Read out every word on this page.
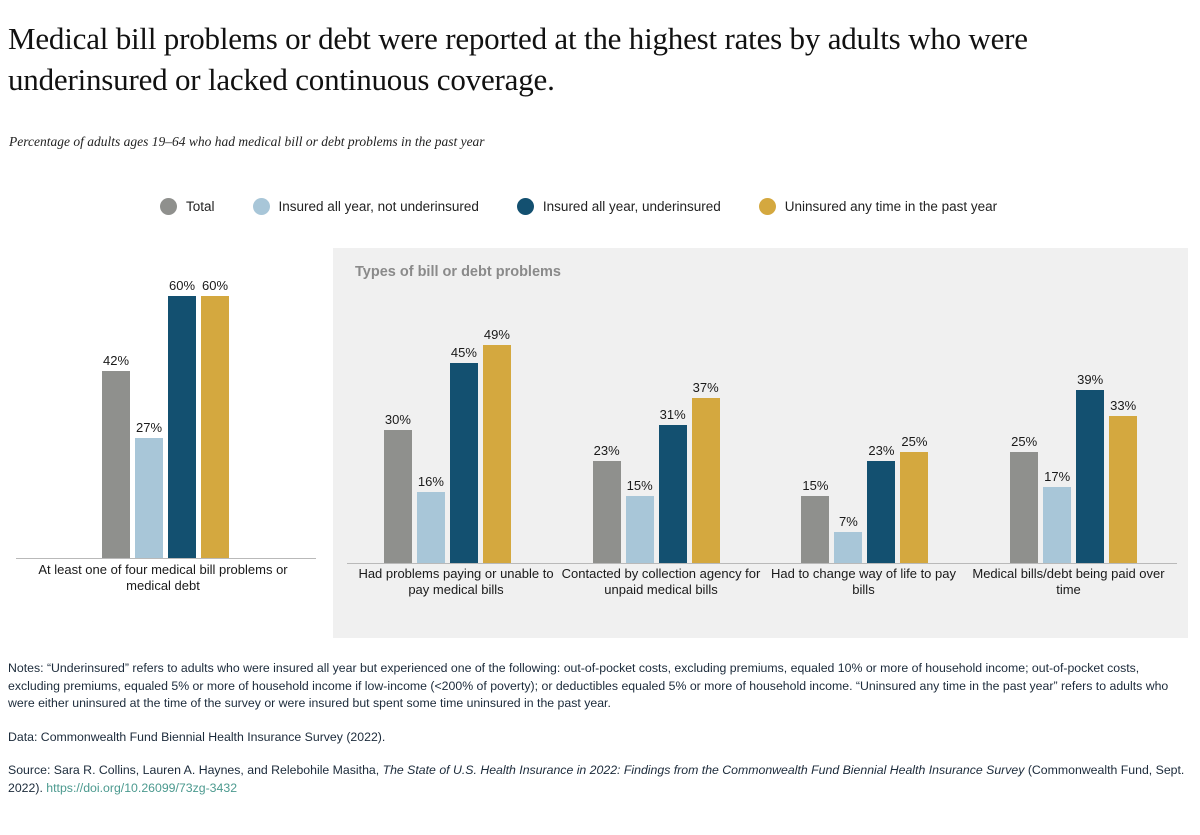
Medical bill problems or debt were reported at the highest rates by adults who were underinsured or lacked continuous coverage.
Percentage of adults ages 19–64 who had medical bill or debt problems in the past year
Total	Insured all year, not underinsured	Insured all year, underinsured	Uninsured any time in the past year
42%
27%
60% 60%
At least one of four medical bill problems or medical debt
Types of bill or debt problems
30%
16%
45%
49%
23%
15%
31%
37%
15%
7%
23%
25%	25%
17%
39%
33%
Had problems paying or unable to pay medical bills
Contacted by collection agency for unpaid medical bills
Had to change way of life to pay bills
Medical bills/debt being paid over time

Notes: “Underinsured” refers to adults who were insured all year but experienced one of the following: out-of-pocket costs, excluding premiums, equaled 10% or more of household income; out-of-pocket costs, excluding premiums, equaled 5% or more of household income if low-income (<200% of poverty); or deductibles equaled 5% or more of household income. “Uninsured any time in the past year” refers to adults who were either uninsured at the time of the survey or were insured but spent some time uninsured in the past year.

Data: Commonwealth Fund Biennial Health Insurance Survey (2022).

Source: Sara R. Collins, Lauren A. Haynes, and Relebohile Masitha, The State of U.S. Health Insurance in 2022: Findings from the Commonwealth Fund Biennial Health Insurance Survey (Commonwealth Fund, Sept. 2022). https://doi.org/10.26099/73zg-3432
